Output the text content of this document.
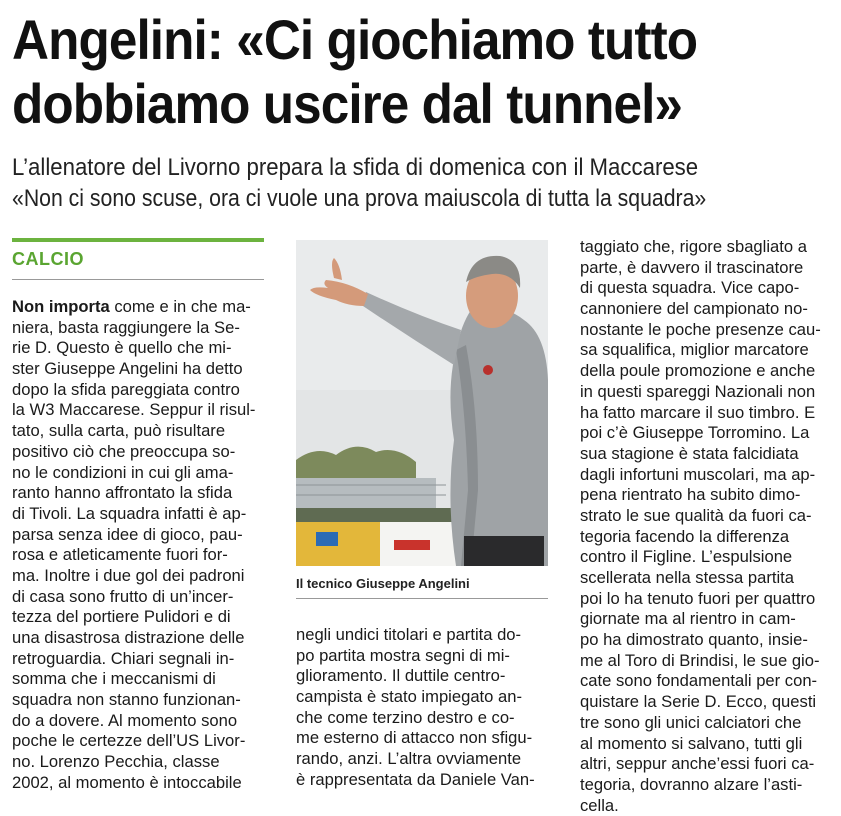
Angelini: «Ci giochiamo tutto
dobbiamo uscire dal tunnel»

L’allenatore del Livorno prepara la sfida di domenica con il Maccarese

«Non ci sono scuse, ora ci vuole una prova maiuscola di tutta la squadra»

CALCIO

Non importa come e in che ma-
niera, basta raggiungere la Se-
rie D. Questo è quello che mi-
ster Giuseppe Angelini ha detto
dopo la sfida pareggiata contro
la W3 Maccarese. Seppur il risul-
tato, sulla carta, può risultare
positivo ciò che preoccupa so-
no le condizioni in cui gli ama-
ranto hanno affrontato la sfida
di Tivoli. La squadra infatti è ap-
parsa senza idee di gioco, pau-
rosa e atleticamente fuori for-
ma. Inoltre i due gol dei padroni
di casa sono frutto di un’incer-
tezza del portiere Pulidori e di
una disastrosa distrazione delle
retroguardia. Chiari segnali in-
somma che i meccanismi di
squadra non stanno funzionan-
do a dovere. Al momento sono
poche le certezze dell’US Livor-
no. Lorenzo Pecchia, classe
2002, al momento è intoccabile

Il tecnico Giuseppe Angelini

negli undici titolari e partita do-
po partita mostra segni di mi-
glioramento. Il duttile centro-
campista è stato impiegato an-
che come terzino destro e co-
me esterno di attacco non sfigu-
rando, anzi. L’altra ovviamente
è rappresentata da Daniele Van-
taggiato che, rigore sbagliato a
parte, è davvero il trascinatore
di questa squadra. Vice capo-
cannoniere del campionato no-
nostante le poche presenze cau-
sa squalifica, miglior marcatore
della poule promozione e anche
in questi spareggi Nazionali non
ha fatto marcare il suo timbro. E
poi c’è Giuseppe Torromino. La
sua stagione è stata falcidiata
dagli infortuni muscolari, ma ap-
pena rientrato ha subito dimo-
strato le sue qualità da fuori ca-
tegoria facendo la differenza
contro il Figline. L’espulsione
scellerata nella stessa partita
poi lo ha tenuto fuori per quattro
giornate ma al rientro in cam-
po ha dimostrato quanto, insie-
me al Toro di Brindisi, le sue gio-
cate sono fondamentali per con-
quistare la Serie D. Ecco, questi
tre sono gli unici calciatori che
al momento si salvano, tutti gli
altri, seppur anche’essi fuori ca-
tegoria, dovranno alzare l’asti-
cella.
